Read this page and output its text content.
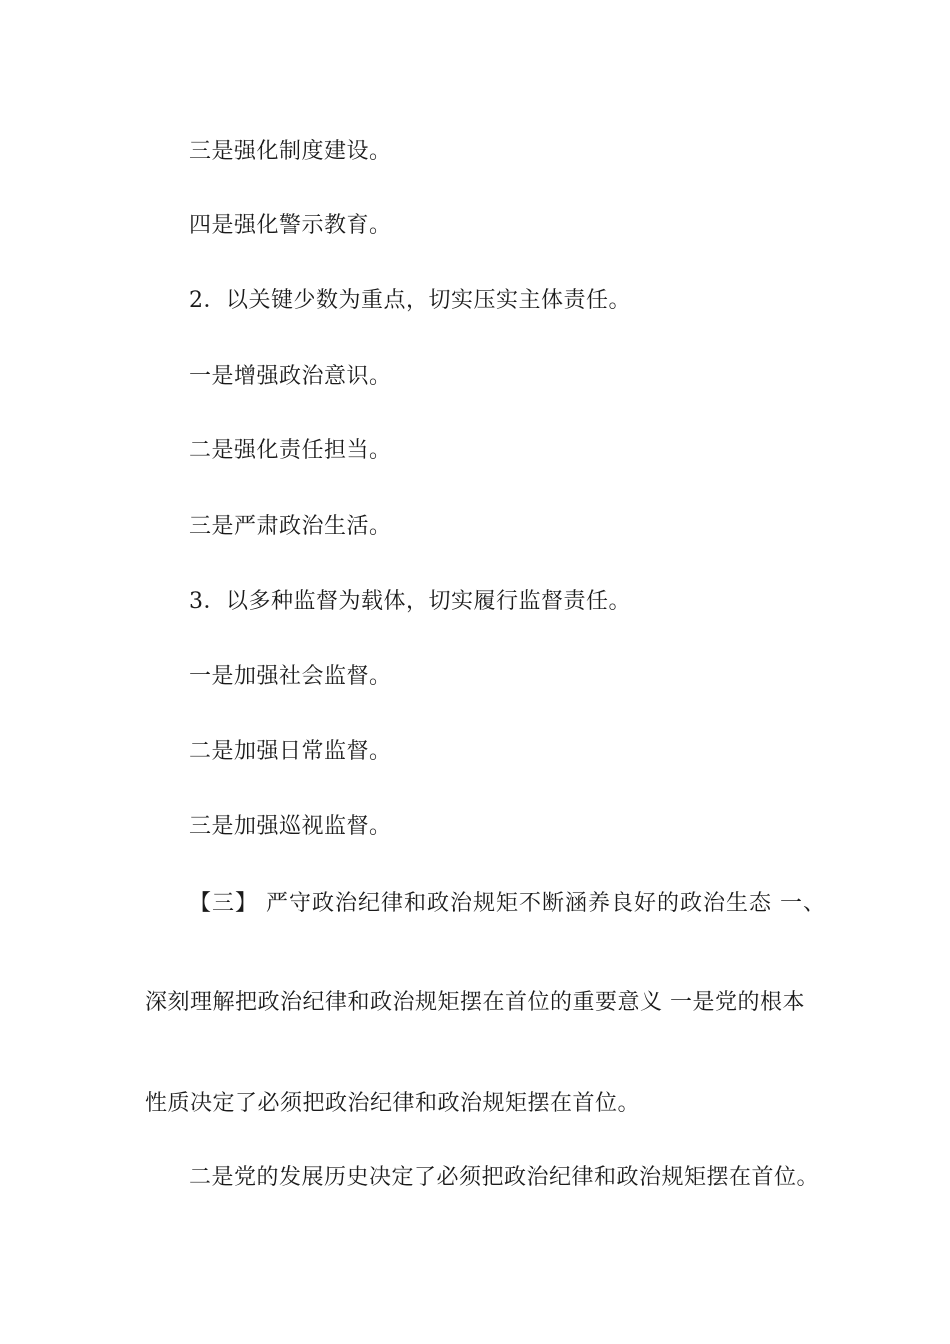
三是强化制度建设。
四是强化警示教育。
2．以关键少数为重点，切实压实主体责任。
一是增强政治意识。
二是强化责任担当。
三是严肃政治生活。
3．以多种监督为载体，切实履行监督责任。
一是加强社会监督。
二是加强日常监督。
三是加强巡视监督。
【三】 严守政治纪律和政治规矩不断涵养良好的政治生态 一、
深刻理解把政治纪律和政治规矩摆在首位的重要意义 一是党的根本
性质决定了必须把政治纪律和政治规矩摆在首位。
二是党的发展历史决定了必须把政治纪律和政治规矩摆在首位。
